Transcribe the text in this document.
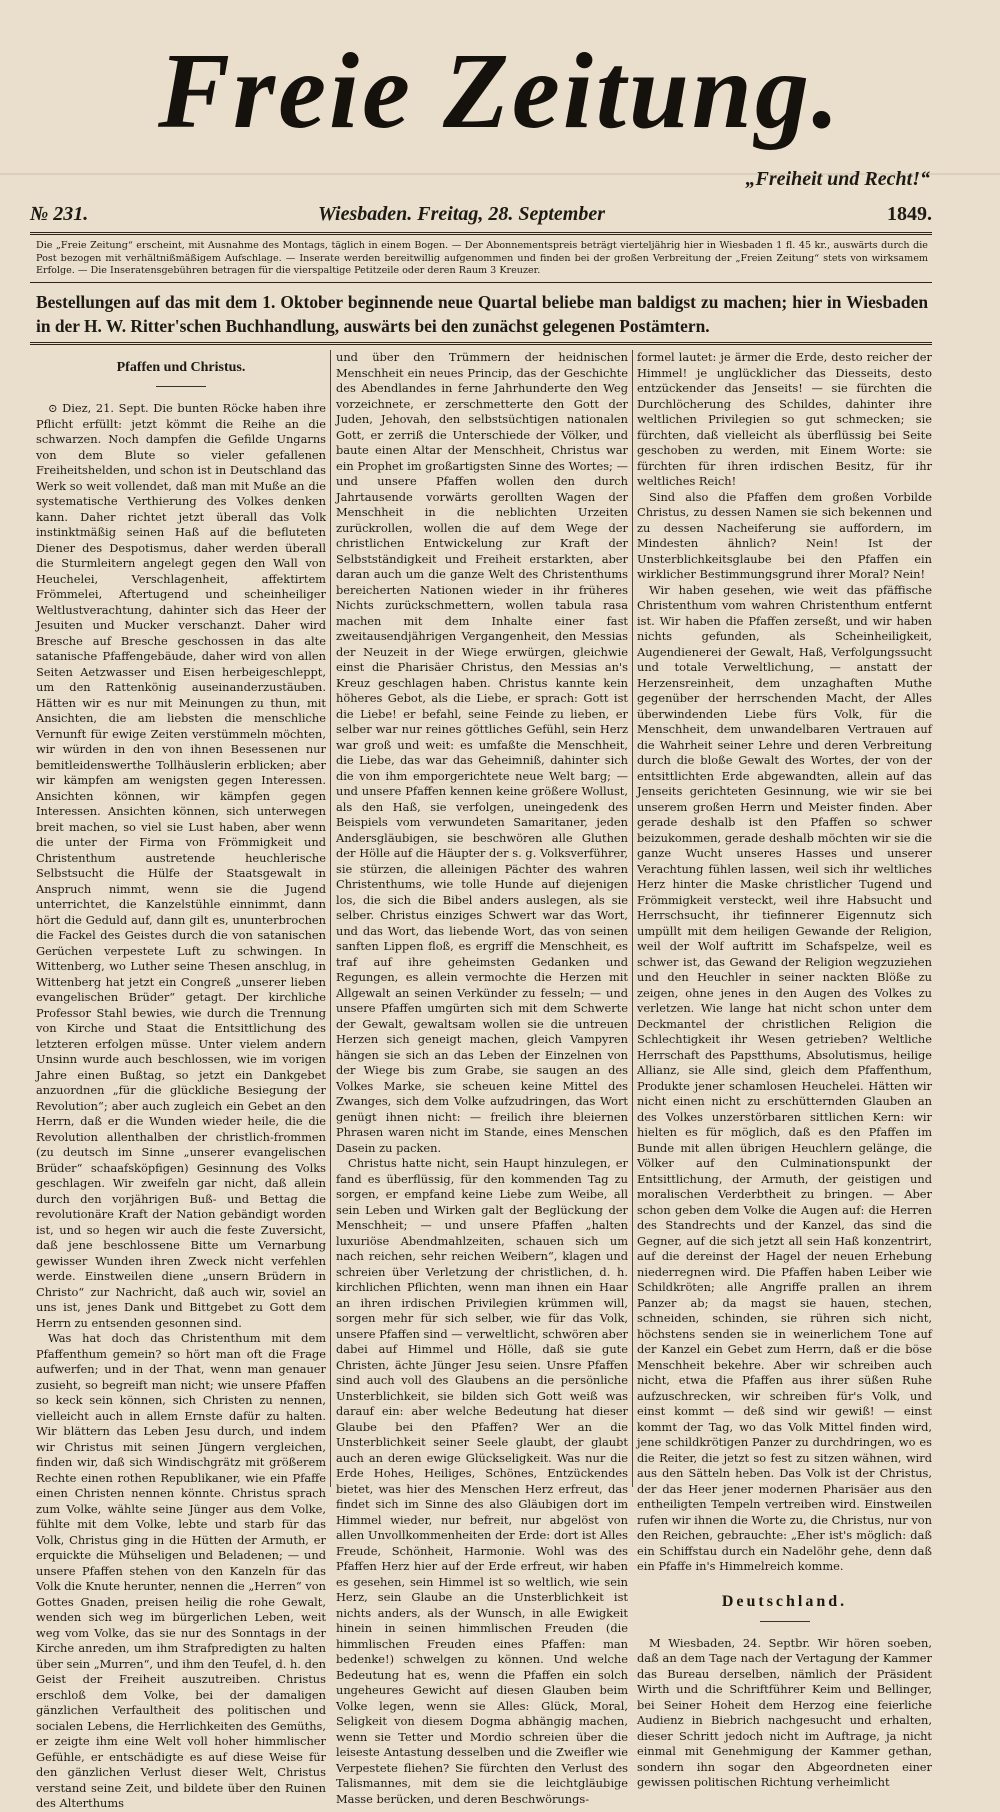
Freie Zeitung.
„Freiheit und Recht!“
№ 231.	Wiesbaden. Freitag, 28. September	1849.
Die „Freie Zeitung“ erscheint, mit Ausnahme des Montags, täglich in einem Bogen. — Der Abonnementspreis beträgt vierteljährig hier in Wiesbaden 1 fl. 45 kr., auswärts durch die Post bezogen mit verhältnißmäßigem Aufschlage. — Inserate werden bereitwillig aufgenommen und finden bei der großen Verbreitung der „Freien Zeitung“ stets von wirksamem Erfolge. — Die Inseratensgebühren betragen für die vierspaltige Petitzeile oder deren Raum 3 Kreuzer.
Bestellungen auf das mit dem 1. Oktober beginnende neue Quartal beliebe man baldigst zu machen; hier in Wiesbaden in der H. W. Ritter'schen Buchhandlung, auswärts bei den zunächst gelegenen Postämtern.
Pfaffen und Christus.

⊙ Diez, 21. Sept. Die bunten Röcke haben ihre Pflicht erfüllt: jetzt kömmt die Reihe an die schwarzen. Noch dampfen die Gefilde Ungarns von dem Blute so vieler gefallenen Freiheitshelden, und schon ist in Deutschland das Werk so weit vollendet, daß man mit Muße an die systematische Verthierung des Volkes denken kann. Daher richtet jetzt überall das Volk instinktmäßig seinen Haß auf die befluteten Diener des Despotismus, daher werden überall die Sturmleitern angelegt gegen den Wall von Heuchelei, Verschlagenheit, affektirtem Frömmelei, Aftertugend und scheinheiliger Weltlustverachtung, dahinter sich das Heer der Jesuiten und Mucker verschanzt. Daher wird Bresche auf Bresche geschossen in das alte satanische Pfaffengebäude, daher wird von allen Seiten Aetzwasser und Eisen herbeigeschleppt, um den Rattenkönig auseinanderzustäuben. Hätten wir es nur mit Meinungen zu thun, mit Ansichten, die am liebsten die menschliche Vernunft für ewige Zeiten verstümmeln möchten, wir würden in den von ihnen Besessenen nur bemitleidenswerthe Tollhäuslerin erblicken; aber wir kämpfen am wenigsten gegen Interessen. Ansichten können, wir kämpfen gegen Interessen. Ansichten können, sich unterwegen breit machen, so viel sie Lust haben, aber wenn die unter der Firma von Frömmigkeit und Christenthum austretende heuchlerische Selbstsucht die Hülfe der Staatsgewalt in Anspruch nimmt, wenn sie die Jugend unterrichtet, die Kanzelstühle einnimmt, dann hört die Geduld auf, dann gilt es, ununterbrochen die Fackel des Geistes durch die von satanischen Gerüchen verpestete Luft zu schwingen. In Wittenberg, wo Luther seine Thesen anschlug, in Wittenberg hat jetzt ein Congreß „unserer lieben evangelischen Brüder“ getagt. Der kirchliche Professor Stahl bewies, wie durch die Trennung von Kirche und Staat die Entsittlichung des letzteren erfolgen müsse. Unter vielem andern Unsinn wurde auch beschlossen, wie im vorigen Jahre einen Bußtag, so jetzt ein Dankgebet anzuordnen „für die glückliche Besiegung der Revolution“; aber auch zugleich ein Gebet an den Herrn, daß er die Wunden wieder heile, die die Revolution allenthalben der christlich-frommen (zu deutsch im Sinne „unserer evangelischen Brüder“ schaafsköpfigen) Gesinnung des Volks geschlagen. Wir zweifeln gar nicht, daß allein durch den vorjährigen Buß- und Bettag die revolutionäre Kraft der Nation gebändigt worden ist, und so hegen wir auch die feste Zuversicht, daß jene beschlossene Bitte um Vernarbung gewisser Wunden ihren Zweck nicht verfehlen werde. Einstweilen diene „unsern Brüdern in Christo“ zur Nachricht, daß auch wir, soviel an uns ist, jenes Dank und Bittgebet zu Gott dem Herrn zu entsenden gesonnen sind.

Was hat doch das Christenthum mit dem Pfaffenthum gemein? so hört man oft die Frage aufwerfen; und in der That, wenn man genauer zusieht, so begreift man nicht; wie unsere Pfaffen so keck sein können, sich Christen zu nennen, vielleicht auch in allem Ernste dafür zu halten. Wir blättern das Leben Jesu durch, und indem wir Christus mit seinen Jüngern vergleichen, finden wir, daß sich Windischgrätz mit größerem Rechte einen rothen Republikaner, wie ein Pfaffe einen Christen nennen könnte. Christus sprach zum Volke, wählte seine Jünger aus dem Volke, fühlte mit dem Volke, lebte und starb für das Volk, Christus ging in die Hütten der Armuth, er erquickte die Mühseligen und Beladenen; — und unsere Pfaffen stehen von den Kanzeln für das Volk die Knute herunter, nennen die „Herren“ von Gottes Gnaden, preisen heilig die rohe Gewalt, wenden sich weg im bürgerlichen Leben, weit weg vom Volke, das sie nur des Sonntags in der Kirche anreden, um ihm Strafpredigten zu halten über sein „Murren“, und ihm den Teufel, d. h. den Geist der Freiheit auszutreiben. Christus erschloß dem Volke, bei der damaligen gänzlichen Verfaultheit des politischen und socialen Lebens, die Herrlichkeiten des Gemüths, er zeigte ihm eine Welt voll hoher himmlischer Gefühle, er entschädigte es auf diese Weise für den gänzlichen Verlust dieser Welt, Christus verstand seine Zeit, und bildete über den Ruinen des Alterthums

und über den Trümmern der heidnischen Menschheit ein neues Princip, das der Geschichte des Abendlandes in ferne Jahrhunderte den Weg vorzeichnete, er zerschmetterte den Gott der Juden, Jehovah, den selbstsüchtigen nationalen Gott, er zerriß die Unterschiede der Völker, und baute einen Altar der Menschheit, Christus war ein Prophet im großartigsten Sinne des Wortes; — und unsere Pfaffen wollen den durch Jahrtausende vorwärts gerollten Wagen der Menschheit in die neblichten Urzeiten zurückrollen, wollen die auf dem Wege der christlichen Entwickelung zur Kraft der Selbstständigkeit und Freiheit erstarkten, aber daran auch um die ganze Welt des Christenthums bereicherten Nationen wieder in ihr früheres Nichts zurückschmettern, wollen tabula rasa machen mit dem Inhalte einer fast zweitausendjährigen Vergangenheit, den Messias der Neuzeit in der Wiege erwürgen, gleichwie einst die Pharisäer Christus, den Messias an's Kreuz geschlagen haben. Christus kannte kein höheres Gebot, als die Liebe, er sprach: Gott ist die Liebe! er befahl, seine Feinde zu lieben, er selber war nur reines göttliches Gefühl, sein Herz war groß und weit: es umfaßte die Menschheit, die Liebe, das war das Geheimniß, dahinter sich die von ihm emporgerichtete neue Welt barg; — und unsere Pfaffen kennen keine größere Wollust, als den Haß, sie verfolgen, uneingedenk des Beispiels vom verwundeten Samaritaner, jeden Andersgläubigen, sie beschwören alle Gluthen der Hölle auf die Häupter der s. g. Volksverführer, sie stürzen, die alleinigen Pächter des wahren Christenthums, wie tolle Hunde auf diejenigen los, die sich die Bibel anders auslegen, als sie selber. Christus einziges Schwert war das Wort, und das Wort, das liebende Wort, das von seinen sanften Lippen floß, es ergriff die Menschheit, es traf auf ihre geheimsten Gedanken und Regungen, es allein vermochte die Herzen mit Allgewalt an seinen Verkünder zu fesseln; — und unsere Pfaffen umgürten sich mit dem Schwerte der Gewalt, gewaltsam wollen sie die untreuen Herzen sich geneigt machen, gleich Vampyren hängen sie sich an das Leben der Einzelnen von der Wiege bis zum Grabe, sie saugen an des Volkes Marke, sie scheuen keine Mittel des Zwanges, sich dem Volke aufzudringen, das Wort genügt ihnen nicht: — freilich ihre bleiernen Phrasen waren nicht im Stande, eines Menschen Dasein zu packen.

Christus hatte nicht, sein Haupt hinzulegen, er fand es überflüssig, für den kommenden Tag zu sorgen, er empfand keine Liebe zum Weibe, all sein Leben und Wirken galt der Beglückung der Menschheit; — und unsere Pfaffen „halten luxuriöse Abendmahlzeiten, schauen sich um nach reichen, sehr reichen Weibern“, klagen und schreien über Verletzung der christlichen, d. h. kirchlichen Pflichten, wenn man ihnen ein Haar an ihren irdischen Privilegien krümmen will, sorgen mehr für sich selber, wie für das Volk, unsere Pfaffen sind — verweltlicht, schwören aber dabei auf Himmel und Hölle, daß sie gute Christen, ächte Jünger Jesu seien. Unsre Pfaffen sind auch voll des Glaubens an die persönliche Unsterblichkeit, sie bilden sich Gott weiß was darauf ein: aber welche Bedeutung hat dieser Glaube bei den Pfaffen? Wer an die Unsterblichkeit seiner Seele glaubt, der glaubt auch an deren ewige Glückseligkeit. Was nur die Erde Hohes, Heiliges, Schönes, Entzückendes bietet, was hier des Menschen Herz erfreut, das findet sich im Sinne des also Gläubigen dort im Himmel wieder, nur befreit, nur abgelöst von allen Unvollkommenheiten der Erde: dort ist Alles Freude, Schönheit, Harmonie. Wohl was des Pfaffen Herz hier auf der Erde erfreut, wir haben es gesehen, sein Himmel ist so weltlich, wie sein Herz, sein Glaube an die Unsterblichkeit ist nichts anders, als der Wunsch, in alle Ewigkeit hinein in seinen himmlischen Freuden (die himmlischen Freuden eines Pfaffen: man bedenke!) schwelgen zu können. Und welche Bedeutung hat es, wenn die Pfaffen ein solch ungeheures Gewicht auf diesen Glauben beim Volke legen, wenn sie Alles: Glück, Moral, Seligkeit von diesem Dogma abhängig machen, wenn sie Tetter und Mordio schreien über die leiseste Antastung desselben und die Zweifler wie Verpestete fliehen? Sie fürchten den Verlust des Talismannes, mit dem sie die leichtgläubige Masse berücken, und deren Beschwörungs-

formel lautet: je ärmer die Erde, desto reicher der Himmel! je unglücklicher das Diesseits, desto entzückender das Jenseits! — sie fürchten die Durchlöcherung des Schildes, dahinter ihre weltlichen Privilegien so gut schmecken; sie fürchten, daß vielleicht als überflüssig bei Seite geschoben zu werden, mit Einem Worte: sie fürchten für ihren irdischen Besitz, für ihr weltliches Reich!

Sind also die Pfaffen dem großen Vorbilde Christus, zu dessen Namen sie sich bekennen und zu dessen Nacheiferung sie auffordern, im Mindesten ähnlich? Nein! Ist der Unsterblichkeitsglaube bei den Pfaffen ein wirklicher Bestimmungsgrund ihrer Moral? Nein!

Wir haben gesehen, wie weit das pfäffische Christenthum vom wahren Christenthum entfernt ist. Wir haben die Pfaffen zerseßt, und wir haben nichts gefunden, als Scheinheiligkeit, Augendienerei der Gewalt, Haß, Verfolgungssucht und totale Verweltlichung, — anstatt der Herzensreinheit, dem unzaghaften Muthe gegenüber der herrschenden Macht, der Alles überwindenden Liebe fürs Volk, für die Menschheit, dem unwandelbaren Vertrauen auf die Wahrheit seiner Lehre und deren Verbreitung durch die bloße Gewalt des Wortes, der von der entsittlichten Erde abgewandten, allein auf das Jenseits gerichteten Gesinnung, wie wir sie bei unserem großen Herrn und Meister finden. Aber gerade deshalb ist den Pfaffen so schwer beizukommen, gerade deshalb möchten wir sie die ganze Wucht unseres Hasses und unserer Verachtung fühlen lassen, weil sich ihr weltliches Herz hinter die Maske christlicher Tugend und Frömmigkeit versteckt, weil ihre Habsucht und Herrschsucht, ihr tiefinnerer Eigennutz sich umpüllt mit dem heiligen Gewande der Religion, weil der Wolf auftritt im Schafspelze, weil es schwer ist, das Gewand der Religion wegzuziehen und den Heuchler in seiner nackten Blöße zu zeigen, ohne jenes in den Augen des Volkes zu verletzen. Wie lange hat nicht schon unter dem Deckmantel der christlichen Religion die Schlechtigkeit ihr Wesen getrieben? Weltliche Herrschaft des Papstthums, Absolutismus, heilige Allianz, sie Alle sind, gleich dem Pfaffenthum, Produkte jener schamlosen Heuchelei. Hätten wir nicht einen nicht zu erschütternden Glauben an des Volkes unzerstörbaren sittlichen Kern: wir hielten es für möglich, daß es den Pfaffen im Bunde mit allen übrigen Heuchlern gelänge, die Völker auf den Culminationspunkt der Entsittlichung, der Armuth, der geistigen und moralischen Verderbtheit zu bringen. — Aber schon geben dem Volke die Augen auf: die Herren des Standrechts und der Kanzel, das sind die Gegner, auf die sich jetzt all sein Haß konzentrirt, auf die dereinst der Hagel der neuen Erhebung niederregnen wird. Die Pfaffen haben Leiber wie Schildkröten; alle Angriffe prallen an ihrem Panzer ab; da magst sie hauen, stechen, schneiden, schinden, sie rühren sich nicht, höchstens senden sie in weinerlichem Tone auf der Kanzel ein Gebet zum Herrn, daß er die böse Menschheit bekehre. Aber wir schreiben auch nicht, etwa die Pfaffen aus ihrer süßen Ruhe aufzuschrecken, wir schreiben für's Volk, und einst kommt — deß sind wir gewiß! — einst kommt der Tag, wo das Volk Mittel finden wird, jene schildkrötigen Panzer zu durchdringen, wo es die Reiter, die jetzt so fest zu sitzen wähnen, wird aus den Sätteln heben. Das Volk ist der Christus, der das Heer jener modernen Pharisäer aus den entheiligten Tempeln vertreiben wird. Einstweilen rufen wir ihnen die Worte zu, die Christus, nur von den Reichen, gebrauchte: „Eher ist's möglich: daß ein Schiffstau durch ein Nadelöhr gehe, denn daß ein Pfaffe in's Himmelreich komme.

Deutschland.

M Wiesbaden, 24. Septbr. Wir hören soeben, daß an dem Tage nach der Vertagung der Kammer das Bureau derselben, nämlich der Präsident Wirth und die Schriftführer Keim und Bellinger, bei Seiner Hoheit dem Herzog eine feierliche Audienz in Biebrich nachgesucht und erhalten, dieser Schritt jedoch nicht im Auftrage, ja nicht einmal mit Genehmigung der Kammer gethan, sondern ihn sogar den Abgeordneten einer gewissen politischen Richtung verheimlicht
